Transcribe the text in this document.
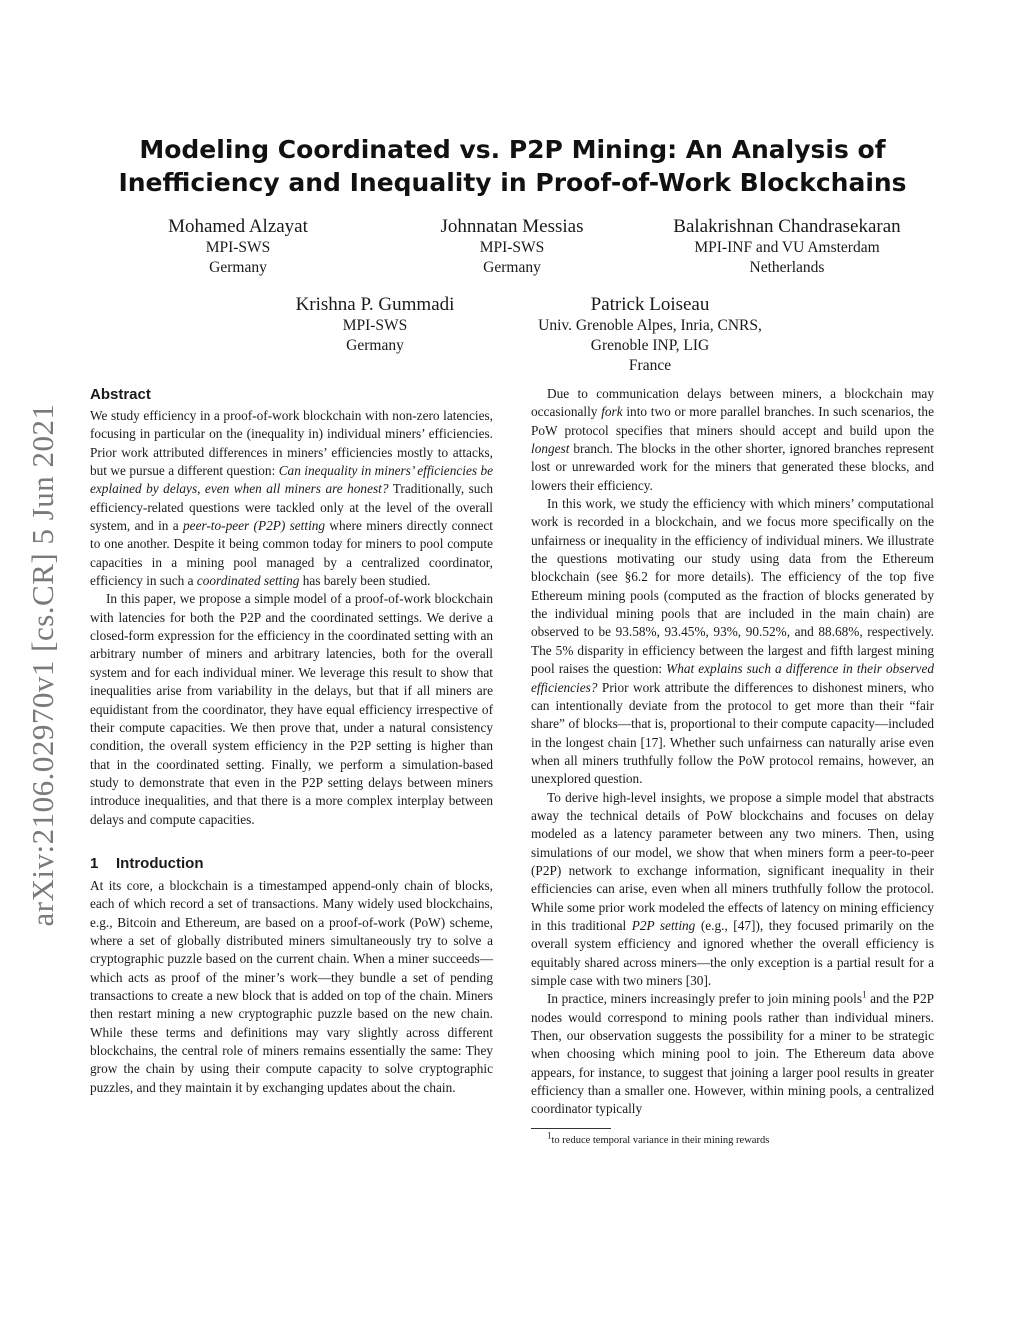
arXiv:2106.02970v1 [cs.CR] 5 Jun 2021
Modeling Coordinated vs. P2P Mining: An Analysis of
Inefficiency and Inequality in Proof-of-Work Blockchains
Mohamed Alzayat
MPI-SWS
Germany
Johnnatan Messias
MPI-SWS
Germany
Balakrishnan Chandrasekaran
MPI-INF and VU Amsterdam
Netherlands
Krishna P. Gummadi
MPI-SWS
Germany
Patrick Loiseau
Univ. Grenoble Alpes, Inria, CNRS,
Grenoble INP, LIG
France
Abstract

We study efficiency in a proof-of-work blockchain with non-zero latencies, focusing in particular on the (inequality in) individual miners’ efficiencies. Prior work attributed differences in miners’ efficiencies mostly to attacks, but we pursue a different question: Can inequality in miners’ efficiencies be explained by delays, even when all miners are honest? Traditionally, such efficiency-related questions were tackled only at the level of the overall system, and in a peer-to-peer (P2P) setting where miners directly connect to one another. Despite it being common today for miners to pool compute capacities in a mining pool managed by a centralized coordinator, efficiency in such a coordinated setting has barely been studied.

In this paper, we propose a simple model of a proof-of-work blockchain with latencies for both the P2P and the coordinated settings. We derive a closed-form expression for the efficiency in the coordinated setting with an arbitrary number of miners and arbitrary latencies, both for the overall system and for each individual miner. We leverage this result to show that inequalities arise from variability in the delays, but that if all miners are equidistant from the coordinator, they have equal efficiency irrespective of their compute capacities. We then prove that, under a natural consistency condition, the overall system efficiency in the P2P setting is higher than that in the coordinated setting. Finally, we perform a simulation-based study to demonstrate that even in the P2P setting delays between miners introduce inequalities, and that there is a more complex interplay between delays and compute capacities.

1 Introduction

At its core, a blockchain is a timestamped append-only chain of blocks, each of which record a set of transactions. Many widely used blockchains, e.g., Bitcoin and Ethereum, are based on a proof-of-work (PoW) scheme, where a set of globally distributed miners simultaneously try to solve a cryptographic puzzle based on the current chain. When a miner succeeds—which acts as proof of the miner’s work—they bundle a set of pending transactions to create a new block that is added on top of the chain. Miners then restart mining a new cryptographic puzzle based on the new chain. While these terms and definitions may vary slightly across different blockchains, the central role of miners remains essentially the same: They grow the chain by using their compute capacity to solve cryptographic puzzles, and they maintain it by exchanging updates about the chain.

Due to communication delays between miners, a blockchain may occasionally fork into two or more parallel branches. In such scenarios, the PoW protocol specifies that miners should accept and build upon the longest branch. The blocks in the other shorter, ignored branches represent lost or unrewarded work for the miners that generated these blocks, and lowers their efficiency.

In this work, we study the efficiency with which miners’ computational work is recorded in a blockchain, and we focus more specifically on the unfairness or inequality in the efficiency of individual miners. We illustrate the questions motivating our study using data from the Ethereum blockchain (see §6.2 for more details). The efficiency of the top five Ethereum mining pools (computed as the fraction of blocks generated by the individual mining pools that are included in the main chain) are observed to be 93.58%, 93.45%, 93%, 90.52%, and 88.68%, respectively. The 5% disparity in efficiency between the largest and fifth largest mining pool raises the question: What explains such a difference in their observed efficiencies? Prior work attribute the differences to dishonest miners, who can intentionally deviate from the protocol to get more than their “fair share” of blocks—that is, proportional to their compute capacity—included in the longest chain [17]. Whether such unfairness can naturally arise even when all miners truthfully follow the PoW protocol remains, however, an unexplored question.

To derive high-level insights, we propose a simple model that abstracts away the technical details of PoW blockchains and focuses on delay modeled as a latency parameter between any two miners. Then, using simulations of our model, we show that when miners form a peer-to-peer (P2P) network to exchange information, significant inequality in their efficiencies can arise, even when all miners truthfully follow the protocol. While some prior work modeled the effects of latency on mining efficiency in this traditional P2P setting (e.g., [47]), they focused primarily on the overall system efficiency and ignored whether the overall efficiency is equitably shared across miners—the only exception is a partial result for a simple case with two miners [30].

In practice, miners increasingly prefer to join mining pools$^1$ and the P2P nodes would correspond to mining pools rather than individual miners. Then, our observation suggests the possibility for a miner to be strategic when choosing which mining pool to join. The Ethereum data above appears, for instance, to suggest that joining a larger pool results in greater efficiency than a smaller one. However, within mining pools, a centralized coordinator typically

$^1$to reduce temporal variance in their mining rewards
